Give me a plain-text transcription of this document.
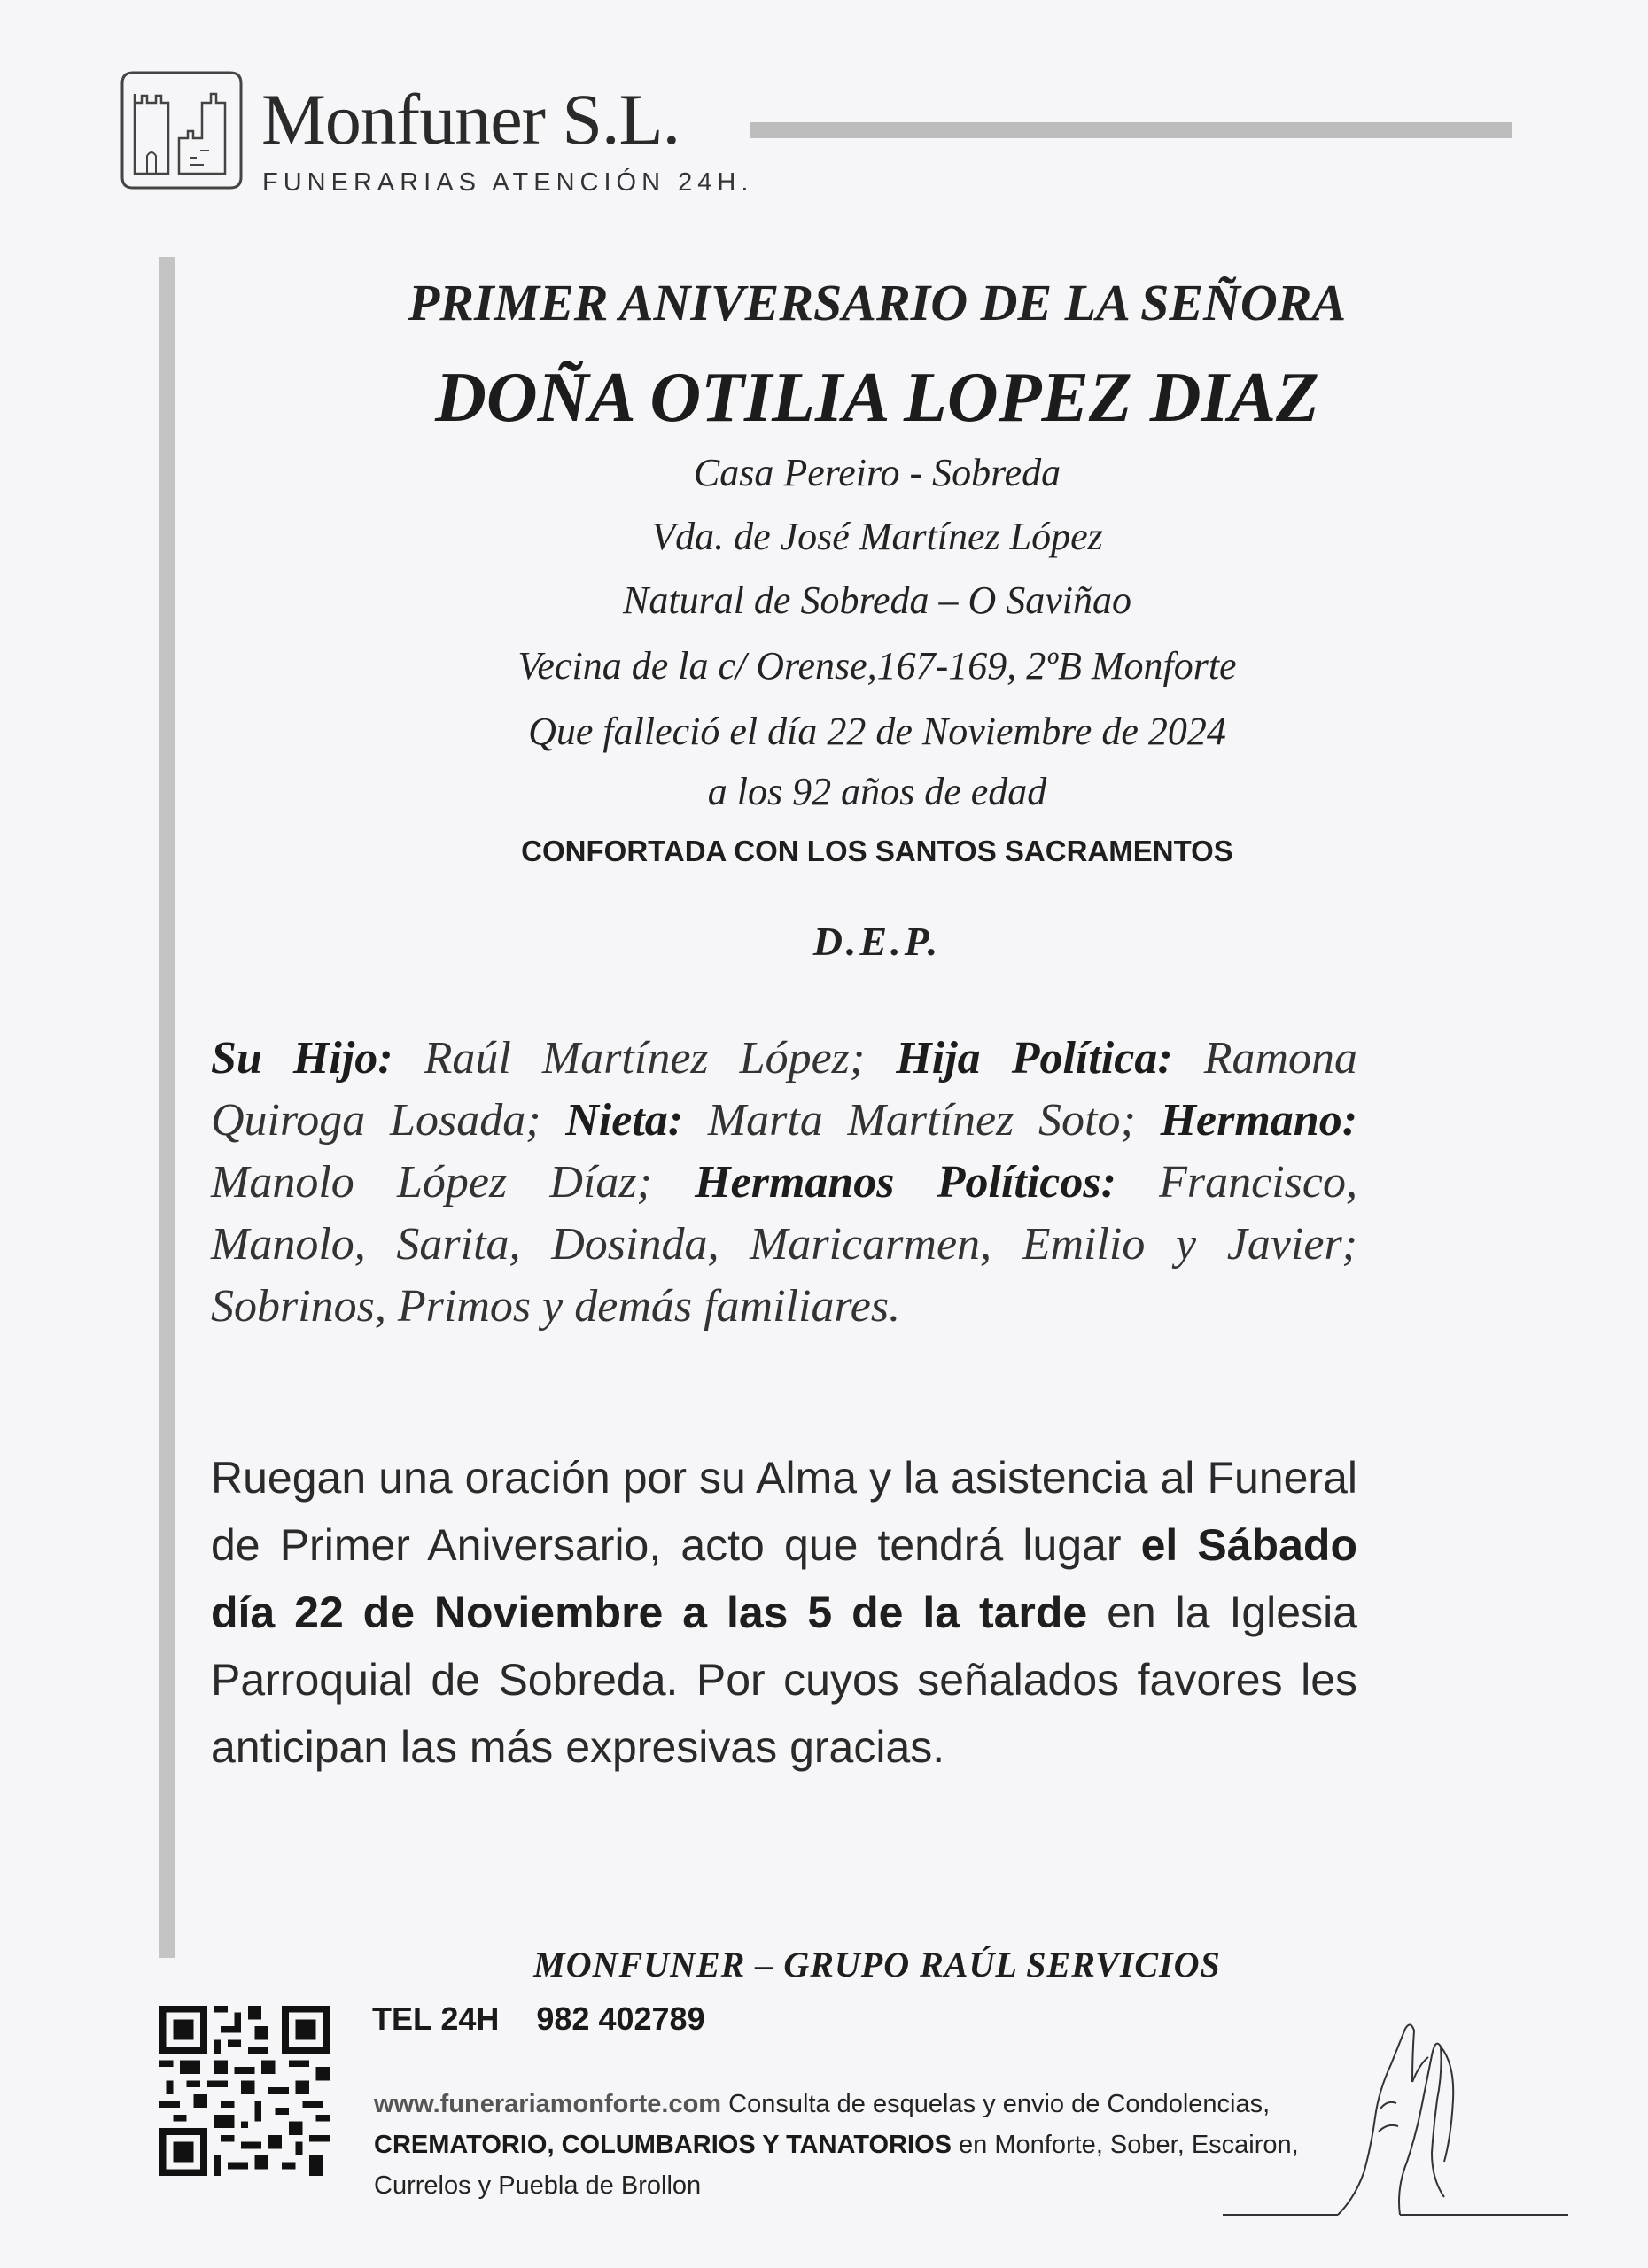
Monfuner S.L.
FUNERARIAS ATENCIÓN 24H.
PRIMER ANIVERSARIO DE LA SEÑORA
DOÑA OTILIA LOPEZ DIAZ
Casa Pereiro - Sobreda
Vda. de José Martínez López
Natural de Sobreda – O Saviñao
Vecina de la c/ Orense,167-169, 2ºB Monforte
Que falleció el día 22 de Noviembre de 2024
a los 92 años de edad
CONFORTADA CON LOS SANTOS SACRAMENTOS
D.E.P.
Su Hijo: Raúl Martínez López; Hija Política: Ramona Quiroga Losada; Nieta: Marta Martínez Soto; Hermano: Manolo López Díaz; Hermanos Políticos: Francisco, Manolo, Sarita, Dosinda, Maricarmen, Emilio y Javier; Sobrinos, Primos y demás familiares.
Ruegan una oración por su Alma y la asistencia al Funeral de Primer Aniversario, acto que tendrá lugar el Sábado día 22 de Noviembre a las 5 de la tarde en la Iglesia Parroquial de Sobreda. Por cuyos señalados favores les anticipan las más expresivas gracias.
MONFUNER – GRUPO RAÚL SERVICIOS
TEL 24H 982 402789
www.funerariamonforte.com Consulta de esquelas y envio de Condolencias, CREMATORIO, COLUMBARIOS Y TANATORIOS en Monforte, Sober, Escairon, Currelos y Puebla de Brollon
